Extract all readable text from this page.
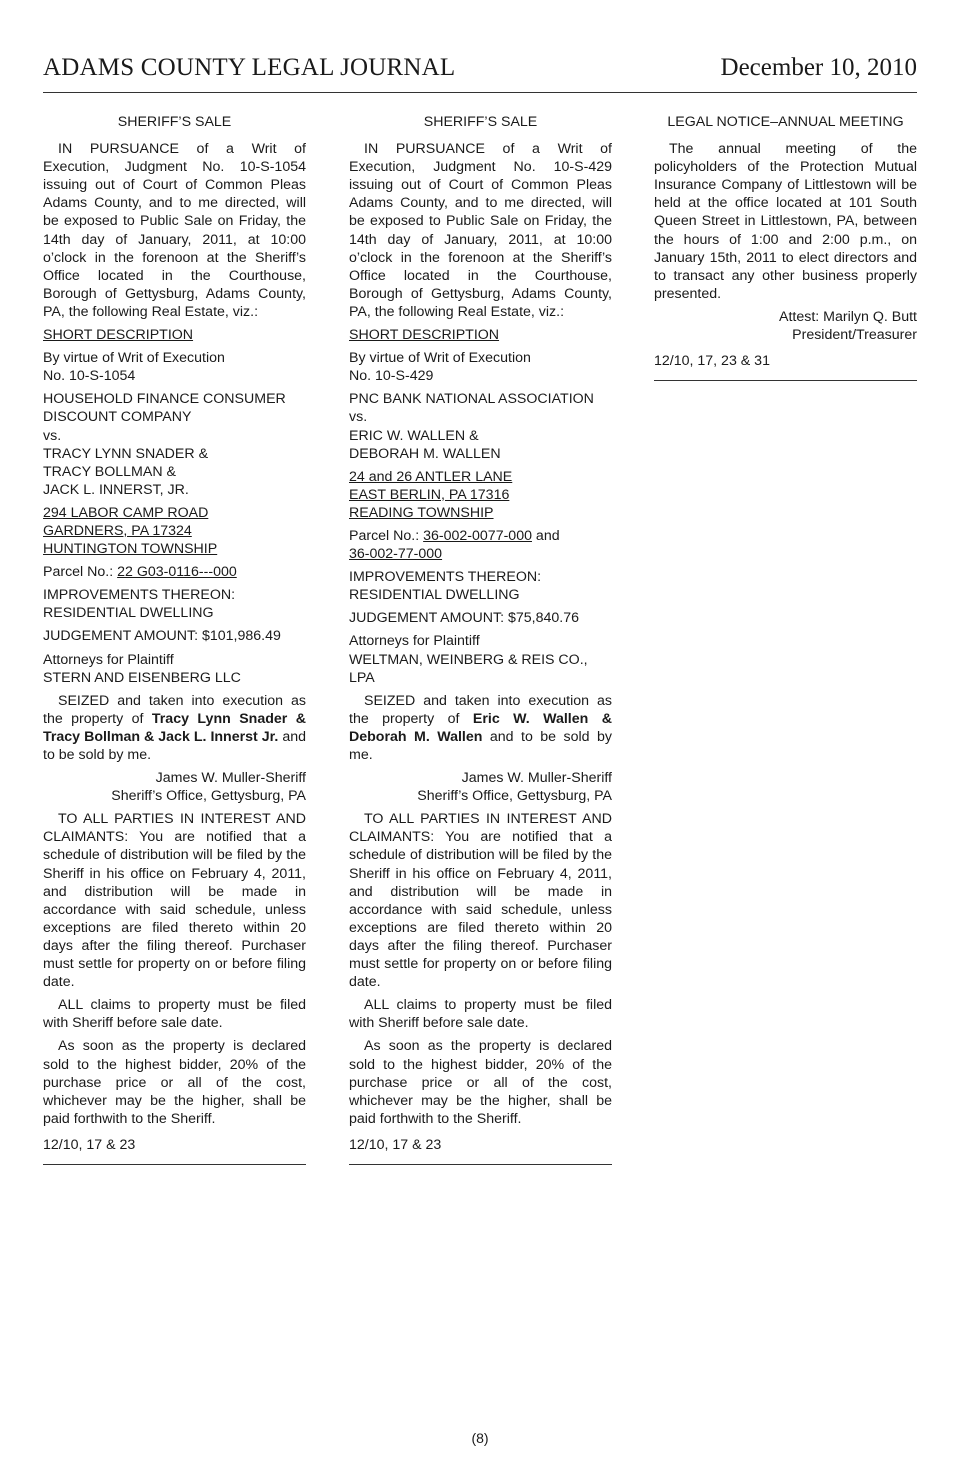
ADAMS COUNTY LEGAL JOURNAL	December 10, 2010

SHERIFF’S SALE

IN PURSUANCE of a Writ of Execution, Judgment No. 10-S-1054 issuing out of Court of Common Pleas Adams County, and to me directed, will be exposed to Public Sale on Friday, the 14th day of January, 2011, at 10:00 o’clock in the forenoon at the Sheriff’s Office located in the Courthouse, Borough of Gettysburg, Adams County, PA, the following Real Estate, viz.:

SHORT DESCRIPTION

By virtue of Writ of Execution
No. 10-S-1054

HOUSEHOLD FINANCE CONSUMER
DISCOUNT COMPANY
vs.
TRACY LYNN SNADER &
TRACY BOLLMAN &
JACK L. INNERST, JR.

294 LABOR CAMP ROAD
GARDNERS, PA 17324
HUNTINGTON TOWNSHIP

Parcel No.: 22 G03-0116---000

IMPROVEMENTS THEREON:
RESIDENTIAL DWELLING

JUDGEMENT AMOUNT: $101,986.49

Attorneys for Plaintiff
STERN AND EISENBERG LLC

SEIZED and taken into execution as the property of Tracy Lynn Snader & Tracy Bollman & Jack L. Innerst Jr. and to be sold by me.

James W. Muller-Sheriff
Sheriff’s Office, Gettysburg, PA

TO ALL PARTIES IN INTEREST AND CLAIMANTS: You are notified that a schedule of distribution will be filed by the Sheriff in his office on February 4, 2011, and distribution will be made in accordance with said schedule, unless exceptions are filed thereto within 20 days after the filing thereof. Purchaser must settle for property on or before filing date.

ALL claims to property must be filed with Sheriff before sale date.

As soon as the property is declared sold to the highest bidder, 20% of the purchase price or all of the cost, whichever may be the higher, shall be paid forthwith to the Sheriff.

12/10, 17 & 23

SHERIFF’S SALE

IN PURSUANCE of a Writ of Execution, Judgment No. 10-S-429 issuing out of Court of Common Pleas Adams County, and to me directed, will be exposed to Public Sale on Friday, the 14th day of January, 2011, at 10:00 o’clock in the forenoon at the Sheriff’s Office located in the Courthouse, Borough of Gettysburg, Adams County, PA, the following Real Estate, viz.:

SHORT DESCRIPTION

By virtue of Writ of Execution
No. 10-S-429

PNC BANK NATIONAL ASSOCIATION
vs.
ERIC W. WALLEN &
DEBORAH M. WALLEN

24 and 26 ANTLER LANE
EAST BERLIN, PA 17316
READING TOWNSHIP

Parcel No.: 36-002-0077-000 and
36-002-77-000

IMPROVEMENTS THEREON:
RESIDENTIAL DWELLING

JUDGEMENT AMOUNT: $75,840.76

Attorneys for Plaintiff
WELTMAN, WEINBERG & REIS CO.,
LPA

SEIZED and taken into execution as the property of Eric W. Wallen & Deborah M. Wallen and to be sold by me.

James W. Muller-Sheriff
Sheriff’s Office, Gettysburg, PA

TO ALL PARTIES IN INTEREST AND CLAIMANTS: You are notified that a schedule of distribution will be filed by the Sheriff in his office on February 4, 2011, and distribution will be made in accordance with said schedule, unless exceptions are filed thereto within 20 days after the filing thereof. Purchaser must settle for property on or before filing date.

ALL claims to property must be filed with Sheriff before sale date.

As soon as the property is declared sold to the highest bidder, 20% of the purchase price or all of the cost, whichever may be the higher, shall be paid forthwith to the Sheriff.

12/10, 17 & 23

LEGAL NOTICE–ANNUAL MEETING

The annual meeting of the policyholders of the Protection Mutual Insurance Company of Littlestown will be held at the office located at 101 South Queen Street in Littlestown, PA, between the hours of 1:00 and 2:00 p.m., on January 15th, 2011 to elect directors and to transact any other business properly presented.

Attest: Marilyn Q. Butt
President/Treasurer

12/10, 17, 23 & 31

(8)
